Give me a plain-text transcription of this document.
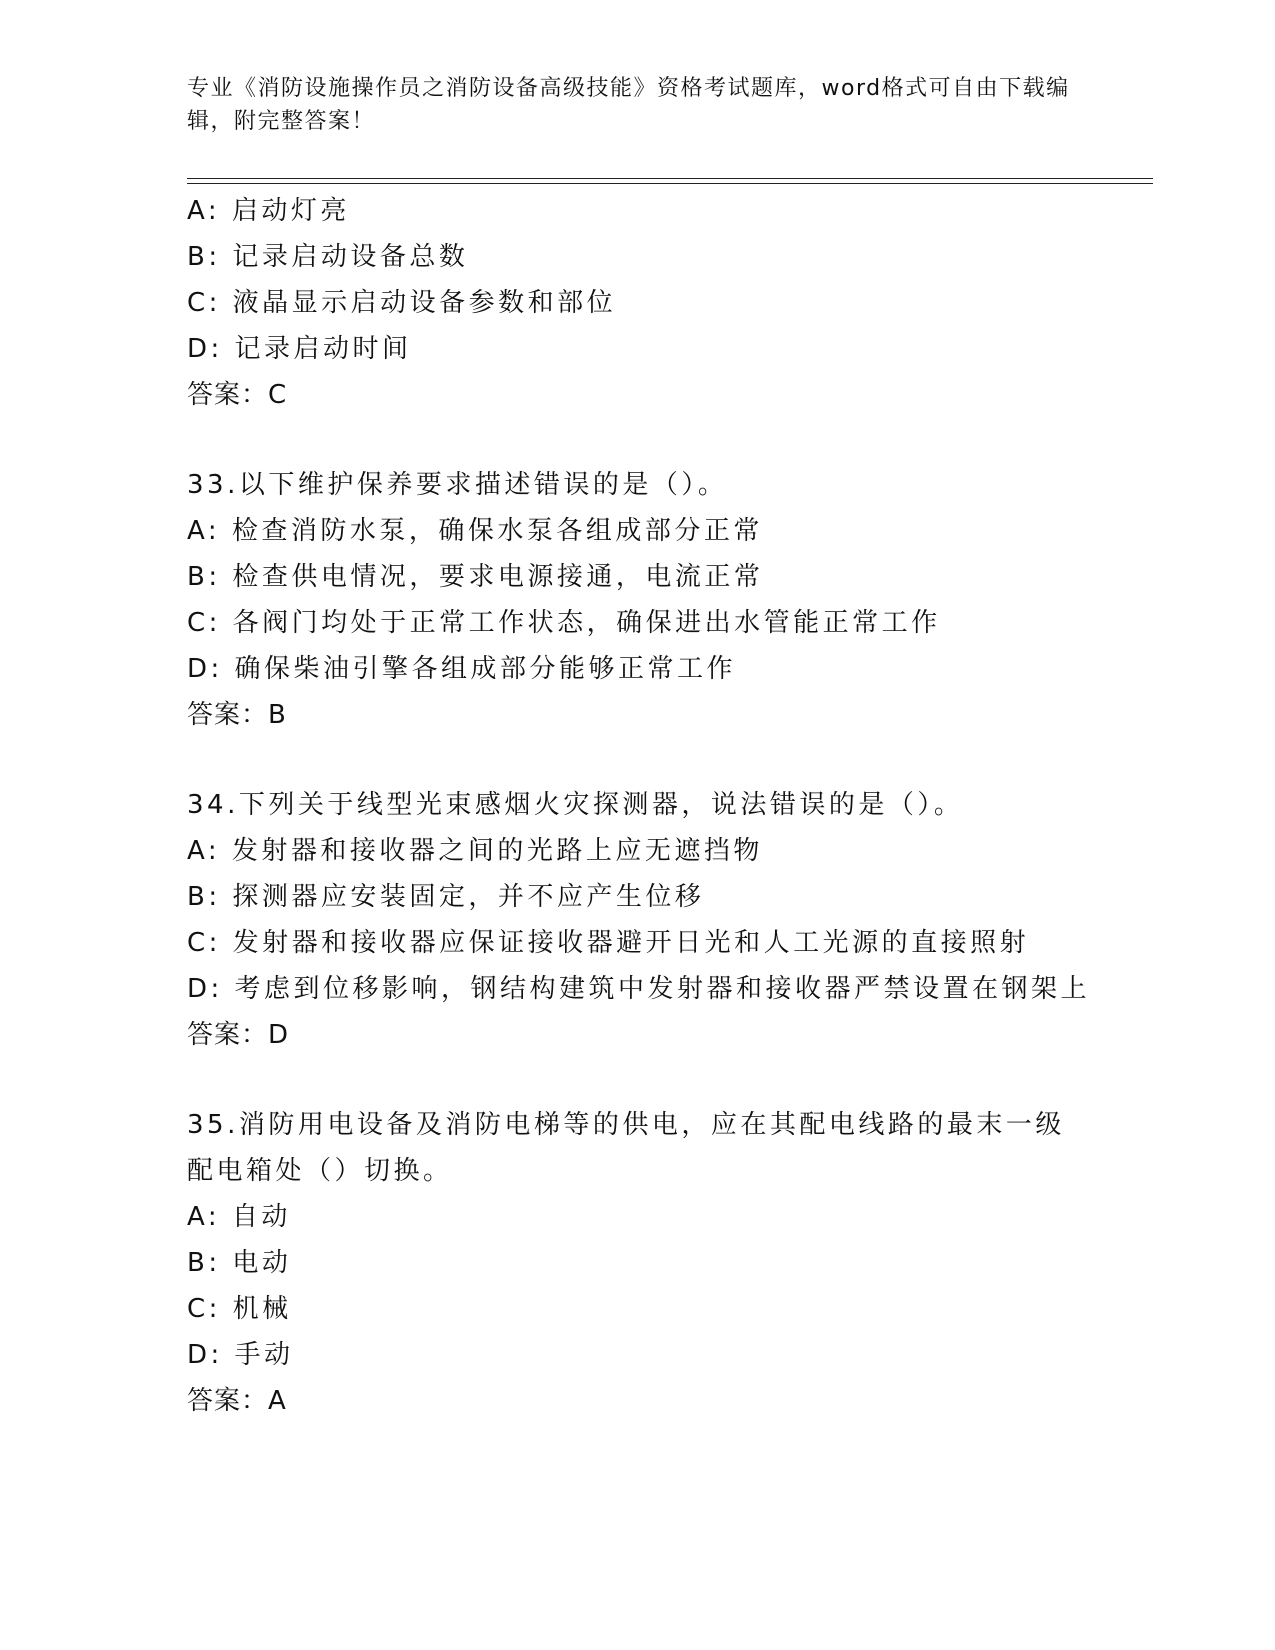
专业《消防设施操作员之消防设备高级技能》资格考试题库，word格式可自由下载编辑，附完整答案！
A: 启动灯亮
B: 记录启动设备总数
C: 液晶显示启动设备参数和部位
D: 记录启动时间
答案：C
33.以下维护保养要求描述错误的是（）。
A: 检查消防水泵，确保水泵各组成部分正常
B: 检查供电情况，要求电源接通，电流正常
C: 各阀门均处于正常工作状态，确保进出水管能正常工作
D: 确保柴油引擎各组成部分能够正常工作
答案：B
34.下列关于线型光束感烟火灾探测器，说法错误的是（）。
A: 发射器和接收器之间的光路上应无遮挡物
B: 探测器应安装固定，并不应产生位移
C: 发射器和接收器应保证接收器避开日光和人工光源的直接照射
D: 考虑到位移影响，钢结构建筑中发射器和接收器严禁设置在钢架上
答案：D
35.消防用电设备及消防电梯等的供电，应在其配电线路的最末一级配电箱处（）切换。
A: 自动
B: 电动
C: 机械
D: 手动
答案：A
